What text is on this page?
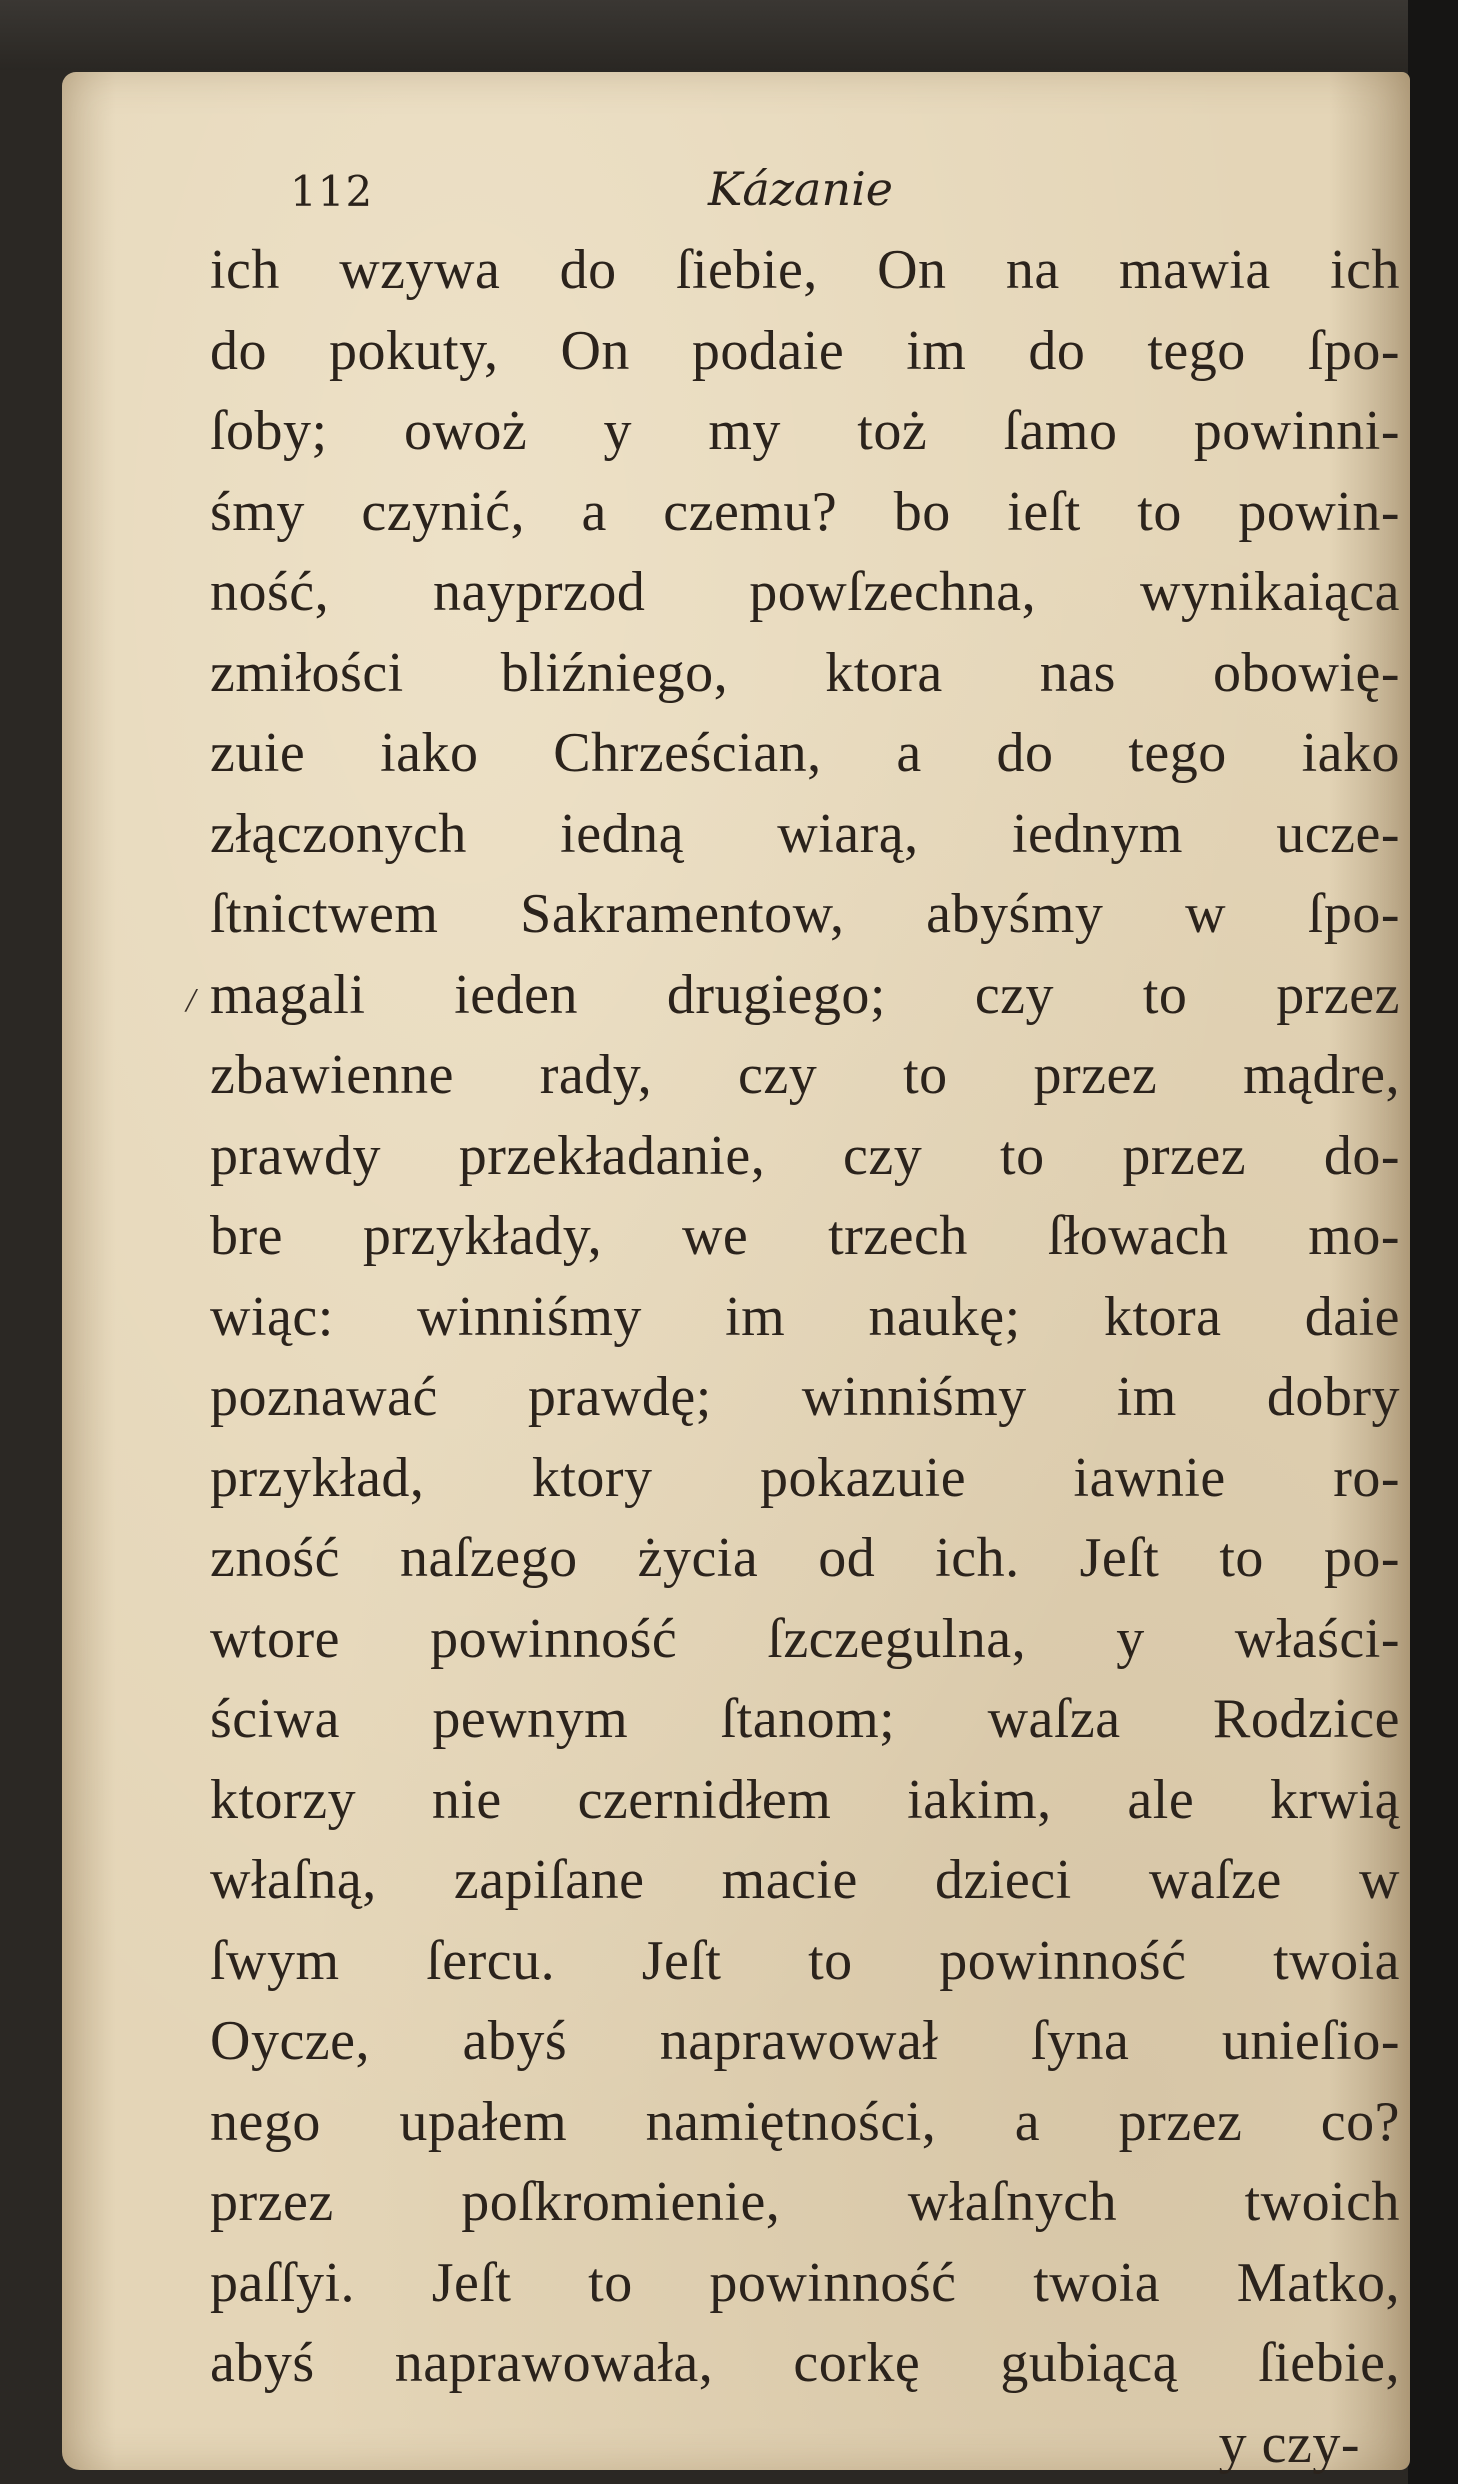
112	Kázanie
/
ich wzywa do ſiebie, On na mawia ich
do pokuty, On podaie im do tego ſpo-
ſoby; owoż y my toż ſamo powinni-
śmy czynić, a czemu? bo ieſt to powin-
ność, nayprzod powſzechna, wynikaiąca
zmiłości bliźniego, ktora nas obowię-
zuie iako Chrześcian, a do tego iako
złączonych iedną wiarą, iednym ucze-
ſtnictwem Sakramentow, abyśmy w ſpo-
magali ieden drugiego; czy to przez
zbawienne rady, czy to przez mądre,
prawdy przekładanie, czy to przez do-
bre przykłady, we trzech ſłowach mo-
wiąc: winniśmy im naukę; ktora daie
poznawać prawdę; winniśmy im dobry
przykład, ktory pokazuie iawnie ro-
zność naſzego życia od ich. Jeſt to po-
wtore powinność ſzczegulna, y właści-
ściwa pewnym ſtanom; waſza Rodzice
ktorzy nie czernidłem iakim, ale krwią
właſną, zapiſane macie dzieci waſze w
ſwym ſercu. Jeſt to powinność twoia
Oycze, abyś naprawował ſyna unieſio-
nego upałem namiętności, a przez co?
przez poſkromienie, właſnych twoich
paſſyi. Jeſt to powinność twoia Matko,
abyś naprawowała, corkę gubiącą ſiebie,
y czy-
